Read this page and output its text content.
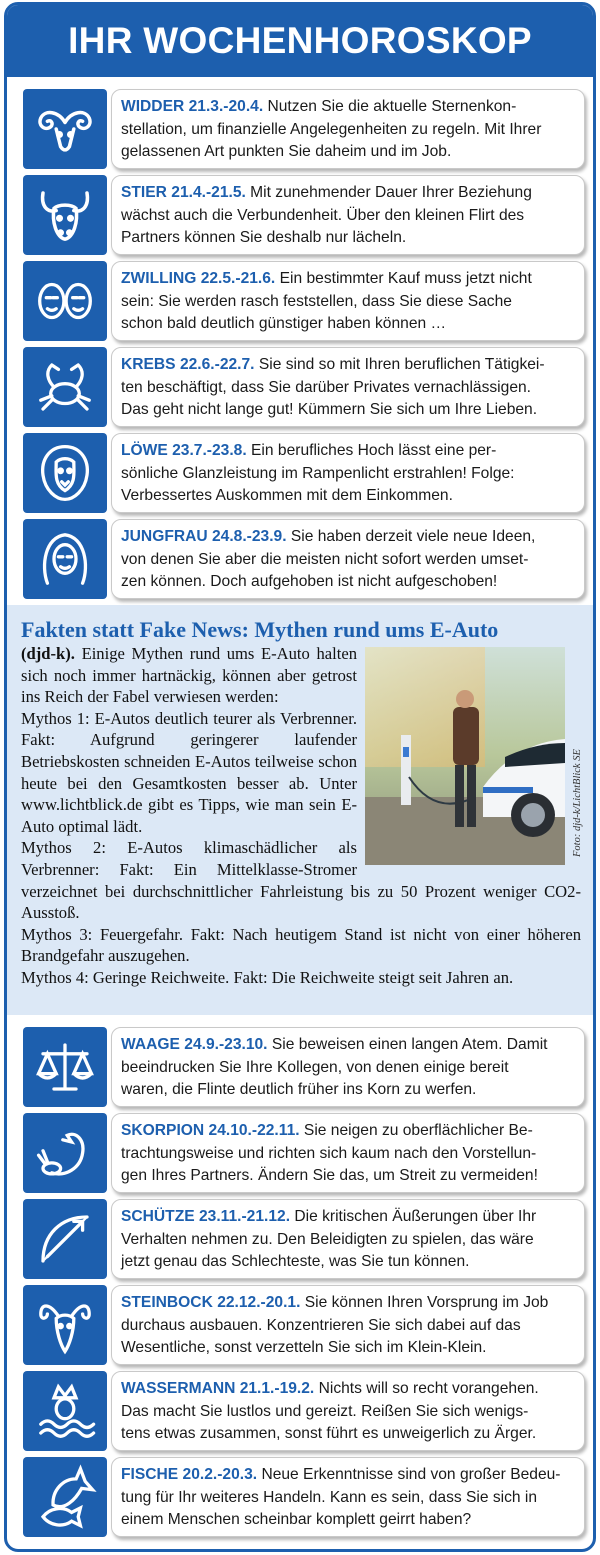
IHR WOCHENHOROSKOP
WIDDER 21.3.-20.4. Nutzen Sie die aktuelle Sternenkon-
stellation, um finanzielle Angelegenheiten zu regeln. Mit Ihrer
gelassenen Art punkten Sie daheim und im Job.
STIER 21.4.-21.5. Mit zunehmender Dauer Ihrer Beziehung
wächst auch die Verbundenheit. Über den kleinen Flirt des
Partners können Sie deshalb nur lächeln.
ZWILLING 22.5.-21.6. Ein bestimmter Kauf muss jetzt nicht
sein: Sie werden rasch feststellen, dass Sie diese Sache
schon bald deutlich günstiger haben können …
KREBS 22.6.-22.7. Sie sind so mit Ihren beruflichen Tätigkei-
ten beschäftigt, dass Sie darüber Privates vernachlässigen.
Das geht nicht lange gut! Kümmern Sie sich um Ihre Lieben.
LÖWE 23.7.-23.8. Ein berufliches Hoch lässt eine per-
sönliche Glanzleistung im Rampenlicht erstrahlen! Folge:
Verbessertes Auskommen mit dem Einkommen.
JUNGFRAU 24.8.-23.9. Sie haben derzeit viele neue Ideen,
von denen Sie aber die meisten nicht sofort werden umset-
zen können. Doch aufgehoben ist nicht aufgeschoben!
Fakten statt Fake News: Mythen rund ums E-Auto
Foto: djd-k/LichtBlick SE
(djd-k). Einige Mythen rund ums E-Auto halten sich noch immer hartnäckig, können aber getrost ins Reich der Fabel verwiesen werden:
Mythos 1: E-Autos deutlich teurer als Verbrenner. Fakt: Aufgrund geringerer laufender Betriebskosten schneiden E-Autos teilweise schon heute bei den Gesamtkosten besser ab. Unter www.lichtblick.de gibt es Tipps, wie man sein E-Auto optimal lädt.
Mythos 2: E-Autos klimaschädlicher als Verbrenner: Fakt: Ein Mittelklasse-Stromer verzeichnet bei durchschnittlicher Fahrleistung bis zu 50 Prozent weniger CO2-Ausstoß.
Mythos 3: Feuergefahr. Fakt: Nach heutigem Stand ist nicht von einer höheren Brandgefahr auszugehen.
Mythos 4: Geringe Reichweite. Fakt: Die Reichweite steigt seit Jahren an.
WAAGE 24.9.-23.10. Sie beweisen einen langen Atem. Damit
beeindrucken Sie Ihre Kollegen, von denen einige bereit
waren, die Flinte deutlich früher ins Korn zu werfen.
SKORPION 24.10.-22.11. Sie neigen zu oberflächlicher Be-
trachtungsweise und richten sich kaum nach den Vorstellun-
gen Ihres Partners. Ändern Sie das, um Streit zu vermeiden!
SCHÜTZE 23.11.-21.12. Die kritischen Äußerungen über Ihr
Verhalten nehmen zu. Den Beleidigten zu spielen, das wäre
jetzt genau das Schlechteste, was Sie tun können.
STEINBOCK 22.12.-20.1. Sie können Ihren Vorsprung im Job
durchaus ausbauen. Konzentrieren Sie sich dabei auf das
Wesentliche, sonst verzetteln Sie sich im Klein-Klein.
WASSERMANN 21.1.-19.2. Nichts will so recht vorangehen.
Das macht Sie lustlos und gereizt. Reißen Sie sich wenigs-
tens etwas zusammen, sonst führt es unweigerlich zu Ärger.
FISCHE 20.2.-20.3. Neue Erkenntnisse sind von großer Bedeu-
tung für Ihr weiteres Handeln. Kann es sein, dass Sie sich in
einem Menschen scheinbar komplett geirrt haben?
